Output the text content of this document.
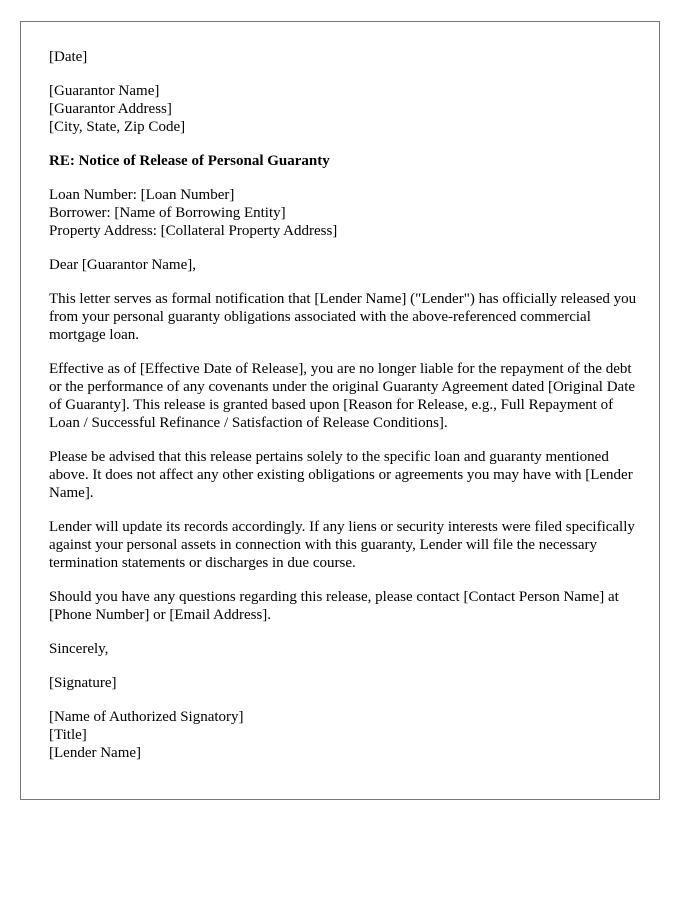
[Date]

[Guarantor Name]
[Guarantor Address]
[City, State, Zip Code]

RE: Notice of Release of Personal Guaranty

Loan Number: [Loan Number]
Borrower: [Name of Borrowing Entity]
Property Address: [Collateral Property Address]

Dear [Guarantor Name],

This letter serves as formal notification that [Lender Name] ("Lender") has officially released you from your personal guaranty obligations associated with the above-referenced commercial mortgage loan.

Effective as of [Effective Date of Release], you are no longer liable for the repayment of the debt or the performance of any covenants under the original Guaranty Agreement dated [Original Date of Guaranty]. This release is granted based upon [Reason for Release, e.g., Full Repayment of Loan / Successful Refinance / Satisfaction of Release Conditions].

Please be advised that this release pertains solely to the specific loan and guaranty mentioned above. It does not affect any other existing obligations or agreements you may have with [Lender Name].

Lender will update its records accordingly. If any liens or security interests were filed specifically against your personal assets in connection with this guaranty, Lender will file the necessary termination statements or discharges in due course.

Should you have any questions regarding this release, please contact [Contact Person Name] at [Phone Number] or [Email Address].

Sincerely,

[Signature]

[Name of Authorized Signatory]
[Title]
[Lender Name]
